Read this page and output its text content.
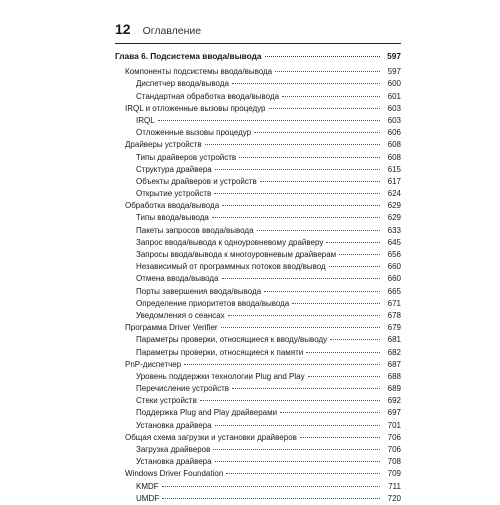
12 Оглавление
Глава 6. Подсистема ввода/вывода	597
Компоненты подсистемы ввода/вывода	597
Диспетчер ввода/вывода	600
Стандартная обработка ввода/вывода	601
IRQL и отложенные вызовы процедур	603
IRQL	603
Отложенные вызовы процедур	606
Драйверы устройств	608
Типы драйверов устройств	608
Структура драйвера	615
Объекты драйверов и устройств	617
Открытие устройств	624
Обработка ввода/вывода	629
Типы ввода/вывода	629
Пакеты запросов ввода/вывода	633
Запрос ввода/вывода к одноуровневому драйверу	645
Запросы ввода/вывода к многоуровневым драйверам	656
Независимый от программных потоков ввод/вывод	660
Отмена ввода/вывода	660
Порты завершения ввода/вывода	665
Определение приоритетов ввода/вывода	671
Уведомления о сеансах	678
Программа Driver Verifier	679
Параметры проверки, относящиеся к вводу/выводу	681
Параметры проверки, относящиеся к памяти	682
PnP-диспетчер	687
Уровень поддержки технологии Plug and Play	688
Перечисление устройств	689
Стеки устройств	692
Поддержка Plug and Play драйверами	697
Установка драйвера	701
Общая схема загрузки и установки драйверов	706
Загрузка драйверов	706
Установка драйвера	708
Windows Driver Foundation	709
KMDF	711
UMDF	720
